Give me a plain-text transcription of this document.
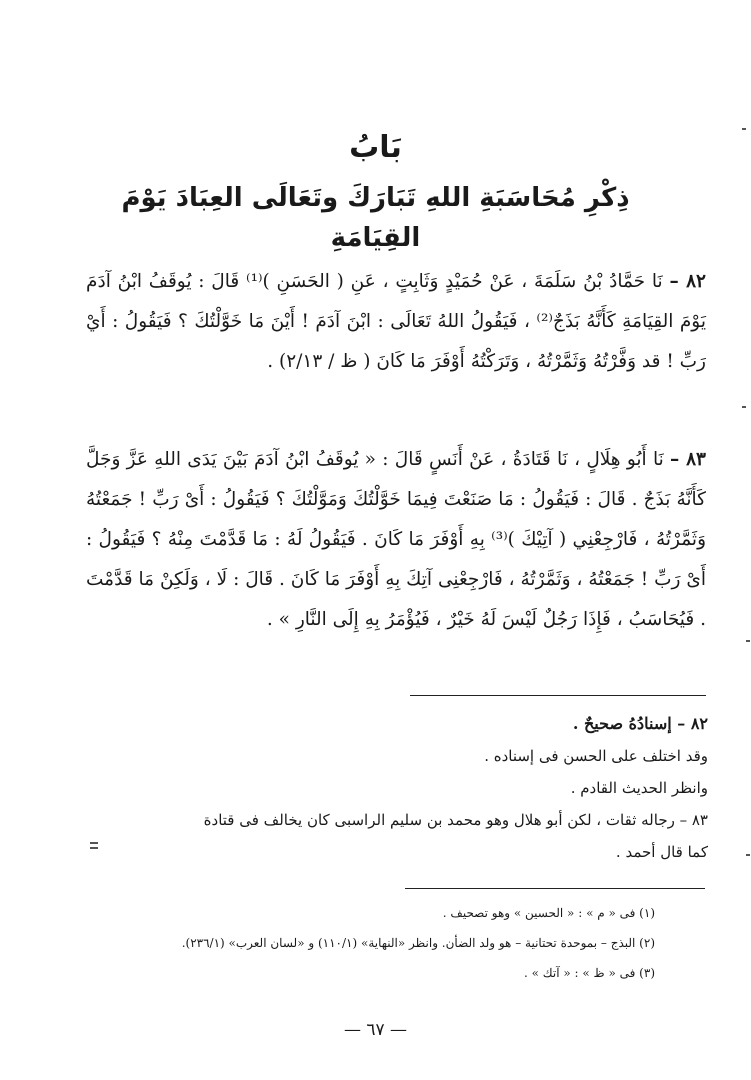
بَابُ
ذِكْرِ مُحَاسَبَةِ اللهِ تَبَارَكَ وتَعَالَى العِبَادَ يَوْمَ القِيَامَةِ
٨٢ – نَا حَمَّادُ بْنُ سَلَمَةَ ، عَنْ حُمَيْدٍ وَثَابِتٍ ، عَنِ ( الحَسَنِ )⁽¹⁾ قَالَ : يُوقَفُ ابْنُ آدَمَ يَوْمَ القِيَامَةِ كَأَنَّهُ بَذَجٌ⁽²⁾ ، فَيَقُولُ اللهُ تَعَالَى : ابْنَ آدَمَ ! أَيْنَ مَا خَوَّلْتُكَ ؟ فَيَقُولُ : أَيْ رَبِّ ! قد وَفَّرْتُهُ وَثَمَّرْتُهُ ، وَتَرَكْتُهُ أَوْفَرَ مَا كَانَ ( ظ / ٢/١٣) .
٨٣ – نَا أَبُو هِلَالٍ ، نَا قَتَادَةُ ، عَنْ أَنَسٍ قَالَ : « يُوقَفُ ابْنُ آدَمَ بَيْنَ يَدَى اللهِ عَزَّ وَجَلَّ كَأَنَّهُ بَذَجٌ . قَالَ : فَيَقُولُ : مَا صَنَعْتَ فِيمَا خَوَّلْتُكَ وَمَوَّلْتُكَ ؟ فَيَقُولُ : أَىْ رَبِّ ! جَمَعْتُهُ وَثَمَّرْتُهُ ، فَارْجِعْنِي ( آتِيْكَ )⁽³⁾ بِهِ أَوْفَرَ مَا كَانَ . فَيَقُولُ لَهُ : مَا قَدَّمْتَ مِنْهُ ؟ فَيَقُولُ : أَىْ رَبِّ ! جَمَعْتُهُ ، وَثَمَّرْتُهُ ، فَارْجِعْنِى آتِكَ بِهِ أَوْفَرَ مَا كَانَ . قَالَ : لَا ، وَلَكِنْ مَا قَدَّمْتَ . فَيُحَاسَبُ ، فَإِذَا رَجُلٌ لَيْسَ لَهُ خَيْرٌ ، فَيُؤْمَرُ بِهِ إِلَى النَّارِ » .
٨٢ – إسنادُهُ صحيحٌ .
وقد اختلف على الحسن فى إسناده .
وانظر الحديث القادم .
٨٣ – رجاله ثقات ، لكن أبو هلال وهو محمد بن سليم الراسبى كان يخالف فى قتادة
كما قال أحمد .
(١) فى « م » : « الحسين » وهو تصحيف .
(٢) البذج – بموحدة تحتانية – هو ولد الضأن. وانظر «النهاية» (١١٠/١) و «لسان العرب» (٢٣٦/١).
(٣) فى « ظ » : « آتك » .
— ٦٧ —
